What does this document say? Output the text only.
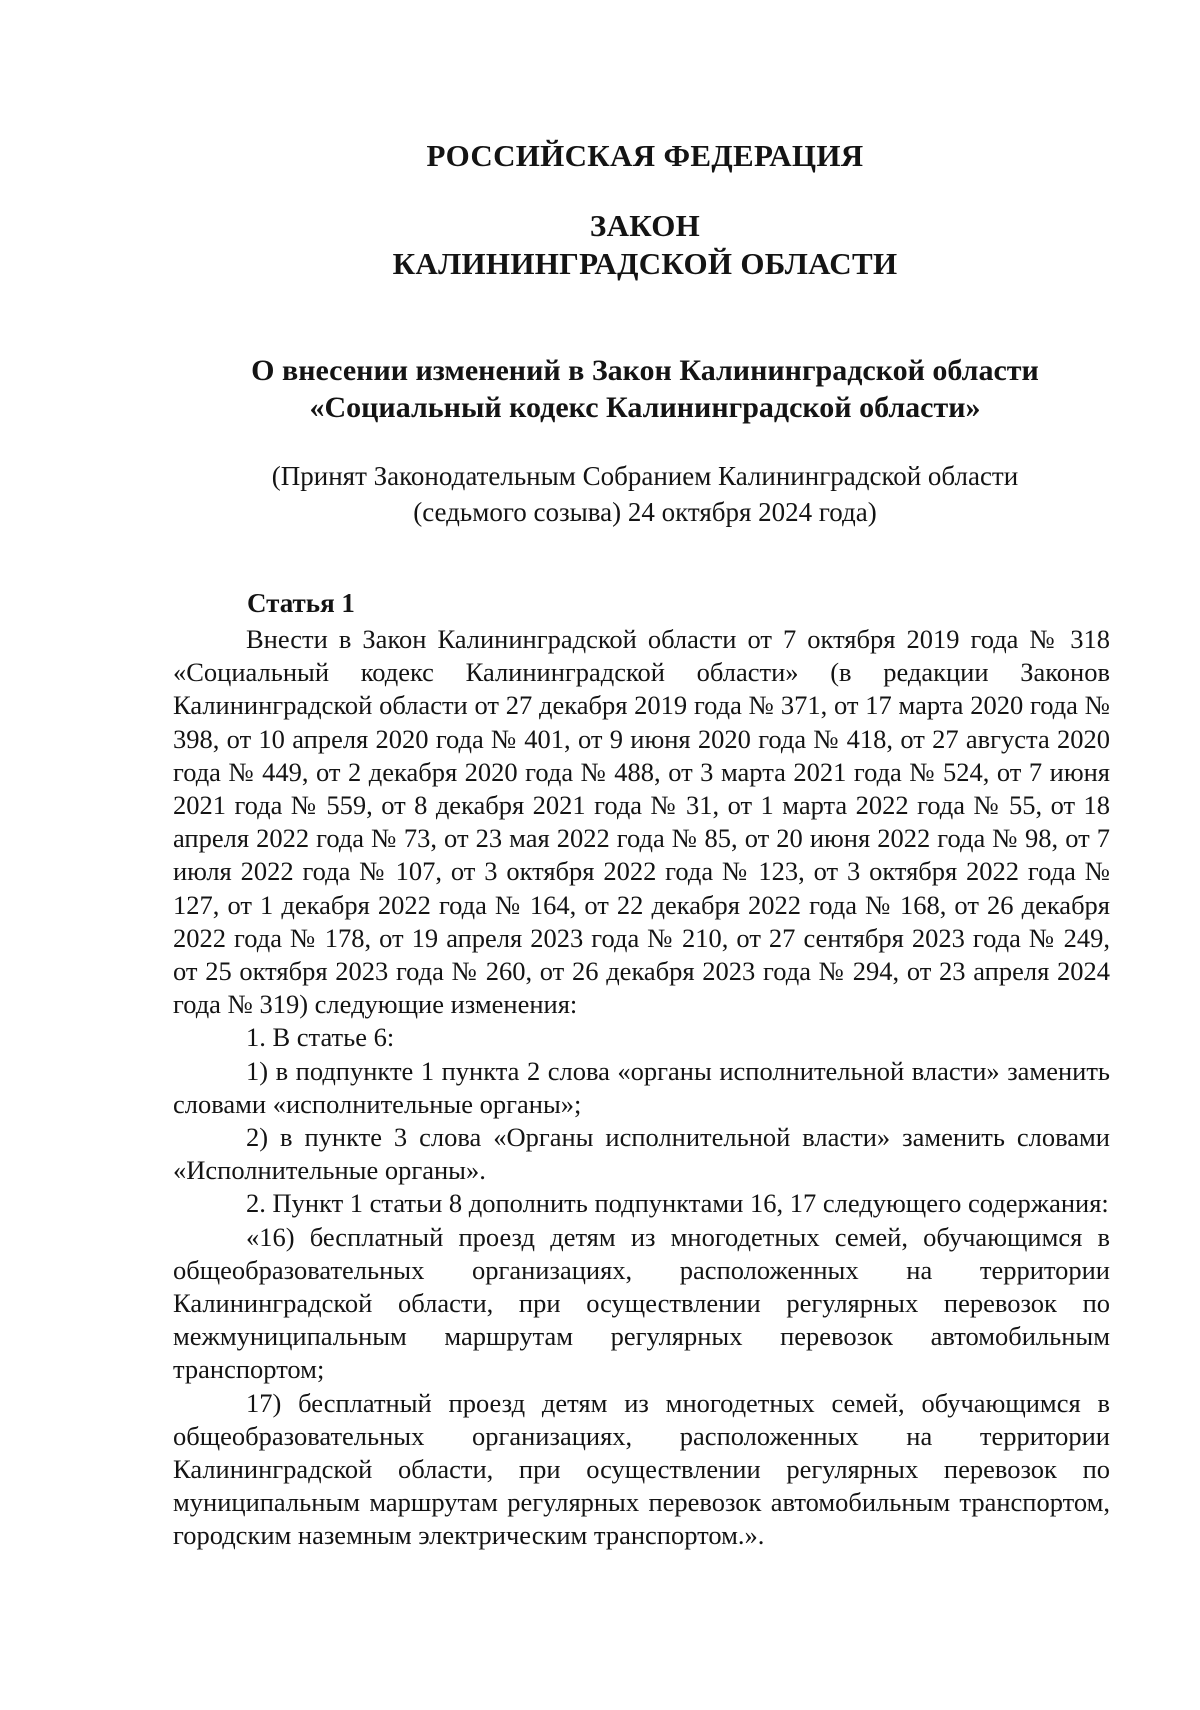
РОССИЙСКАЯ ФЕДЕРАЦИЯ
ЗАКОН
КАЛИНИНГРАДСКОЙ ОБЛАСТИ
О внесении изменений в Закон Калининградской области
«Социальный кодекс Калининградской области»
(Принят Законодательным Собранием Калининградской области
(седьмого созыва) 24 октября 2024 года)
Статья 1

Внести в Закон Калининградской области от 7 октября 2019 года № 318 «Социальный кодекс Калининградской области» (в редакции Законов Калининградской области от 27 декабря 2019 года № 371, от 17 марта 2020 года № 398, от 10 апреля 2020 года № 401, от 9 июня 2020 года № 418, от 27 августа 2020 года № 449, от 2 декабря 2020 года № 488, от 3 марта 2021 года № 524, от 7 июня 2021 года № 559, от 8 декабря 2021 года № 31, от 1 марта 2022 года № 55, от 18 апреля 2022 года № 73, от 23 мая 2022 года № 85, от 20 июня 2022 года № 98, от 7 июля 2022 года № 107, от 3 октября 2022 года № 123, от 3 октября 2022 года № 127, от 1 декабря 2022 года № 164, от 22 декабря 2022 года № 168, от 26 декабря 2022 года № 178, от 19 апреля 2023 года № 210, от 27 сентября 2023 года № 249, от 25 октября 2023 года № 260, от 26 декабря 2023 года № 294, от 23 апреля 2024 года № 319) следующие изменения:

1. В статье 6:

1) в подпункте 1 пункта 2 слова «органы исполнительной власти» заменить словами «исполнительные органы»;

2) в пункте 3 слова «Органы исполнительной власти» заменить словами «Исполнительные органы».

2. Пункт 1 статьи 8 дополнить подпунктами 16, 17 следующего содержания:

«16) бесплатный проезд детям из многодетных семей, обучающимся в общеобразовательных организациях, расположенных на территории Калининградской области, при осуществлении регулярных перевозок по межмуниципальным маршрутам регулярных перевозок автомобильным транспортом;

17) бесплатный проезд детям из многодетных семей, обучающимся в общеобразовательных организациях, расположенных на территории Калининградской области, при осуществлении регулярных перевозок по муниципальным маршрутам регулярных перевозок автомобильным транспортом, городским наземным электрическим транспортом.».
